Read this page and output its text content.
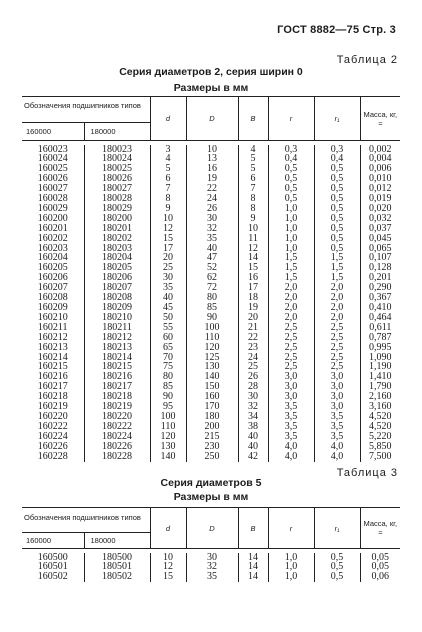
ГОСТ 8882—75 Стр. 3
Таблица 2
Серия диаметров 2, серия ширин 0
Размеры в мм
Обозначения подшипников типов		d	D	B	r	r₁	Масса, кг, ≈
160000	180000						

160023	180023	3	10	4	0,3	0,3	0,002
160024	180024	4	13	5	0,4	0,4	0,004
160025	180025	5	16	5	0,5	0,5	0,006
160026	180026	6	19	6	0,5	0,5	0,010
160027	180027	7	22	7	0,5	0,5	0,012
160028	180028	8	24	8	0,5	0,5	0,019
160029	180029	9	26	8	1,0	0,5	0,020
160200	180200	10	30	9	1,0	0,5	0,032
160201	180201	12	32	10	1,0	0,5	0,037
160202	180202	15	35	11	1,0	0,5	0,045
160203	180203	17	40	12	1,0	0,5	0,065
160204	180204	20	47	14	1,5	1,5	0,107
160205	180205	25	52	15	1,5	1,5	0,128
160206	180206	30	62	16	1,5	1,5	0,201
160207	180207	35	72	17	2,0	2,0	0,290
160208	180208	40	80	18	2,0	2,0	0,367
160209	180209	45	85	19	2,0	2,0	0,410
160210	180210	50	90	20	2,0	2,0	0,464
160211	180211	55	100	21	2,5	2,5	0,611
160212	180212	60	110	22	2,5	2,5	0,787
160213	180213	65	120	23	2,5	2,5	0,995
160214	180214	70	125	24	2,5	2,5	1,090
160215	180215	75	130	25	2,5	2,5	1,190
160216	180216	80	140	26	3,0	3,0	1,410
160217	180217	85	150	28	3,0	3,0	1,790
160218	180218	90	160	30	3,0	3,0	2,160
160219	180219	95	170	32	3,5	3,0	3,160
160220	180220	100	180	34	3,5	3,5	4,520
160222	180222	110	200	38	3,5	3,5	4,520
160224	180224	120	215	40	3,5	3,5	5,220
160226	180226	130	230	40	4,0	4,0	5,850
160228	180228	140	250	42	4,0	4,0	7,500
Таблица 3
Серия диаметров 5
Размеры в мм
Обозначения подшипников типов		d	D	B	r	r₁	Масса, кг, ≈
160000	180000						

160500	180500	10	30	14	1,0	0,5	0,05
160501	180501	12	32	14	1,0	0,5	0,05
160502	180502	15	35	14	1,0	0,5	0,06
